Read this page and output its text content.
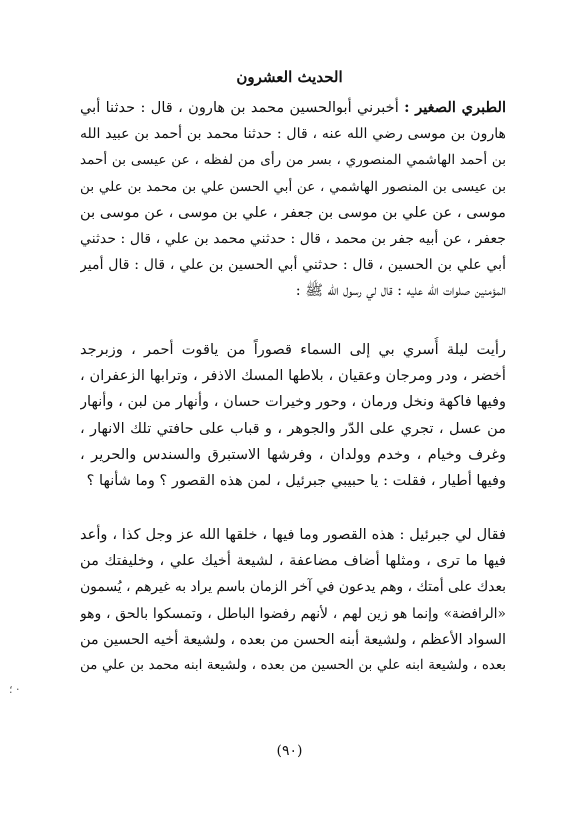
الحديث العشرون
الطبري الصغير : أخبرني أبوالحسين محمد بن هارون ، قال : حدثنا أبي
هارون بن موسى رضي الله عنه ، قال : حدثنا محمد بن أحمد بن عبيد الله
بن أحمد الهاشمي المنصوري ، بسر من رأى من لفظه ، عن عيسى بن أحمد
بن عيسى بن المنصور الهاشمي ، عن أبي الحسن علي بن محمد بن علي بن
موسى ، عن علي بن موسى بن جعفر ، علي بن موسى ، عن موسى بن
جعفر ، عن أبيه جفر بن محمد ، قال : حدثني محمد بن علي ، قال : حدثني
أبي علي بن الحسين ، قال : حدثني أبي الحسين بن علي ، قال : قال أمير
المؤمنين صلوات الله عليه : قال لي رسول الله ﷺ :
رأيت ليلة أُسري بي إلى السماء قصوراً من ياقوت أحمر ، وزبرجد
أخضر ، ودر ومرجان وعقيان ، بلاطها المسك الاذفر ، وترابها الزعفران ،
وفيها فاكهة ونخل ورمان ، وحور وخيرات حسان ، وأنهار من لبن ، وأنهار
من عسل ، تجري على الدّر والجوهر ، و قباب على حافتي تلك الانهار ،
وغرف وخيام ، وخدم وولدان ، وفرشها الاستبرق والسندس والحرير ،
وفيها أطيار ، فقلت : يا حبيبي جبرئيل ، لمن هذه القصور ؟ وما شأنها ؟
فقال لي جبرئيل : هذه القصور وما فيها ، خلقها الله عز وجل كذا ، وأعد
فيها ما ترى ، ومثلها أضاف مضاعفة ، لشيعة أخيك علي ، وخليفتك من
بعدك على أمتك ، وهم يدعون في آخر الزمان باسم يراد به غيرهم ، يُسمون
«الرافضة» وإنما هو زين لهم ، لأنهم رفضوا الباطل ، وتمسكوا بالحق ، وهو
السواد الأعظم ، ولشيعة أبنه الحسن من بعده ، ولشيعة أخيه الحسين من
بعده ، ولشيعة ابنه علي بن الحسين من بعده ، ولشيعة ابنه محمد بن علي من
؛ ·
(٩٠)
